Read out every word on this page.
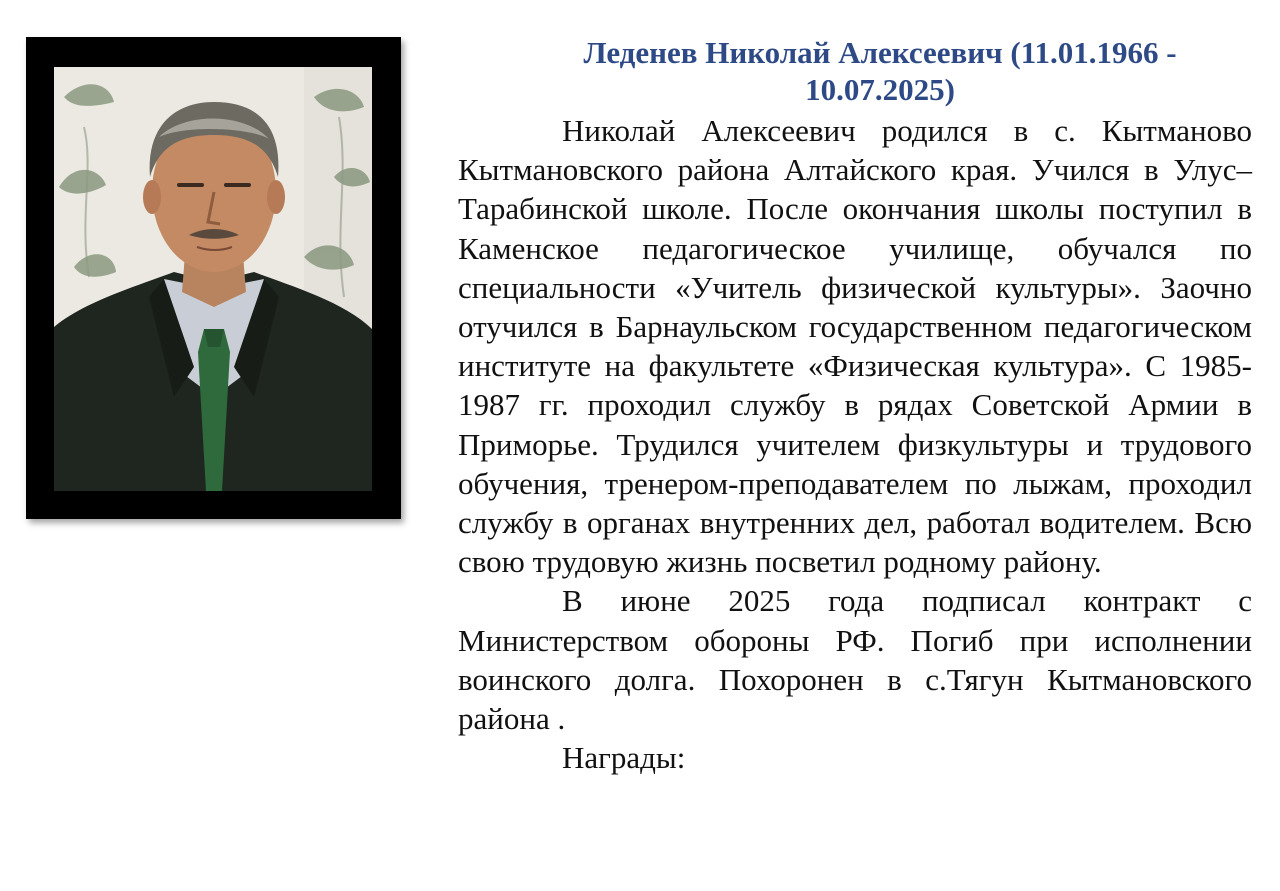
Леденев Николай Алексеевич (11.01.1966 - 10.07.2025)

Николай Алексеевич родился в с. Кытманово Кытмановского района Алтайского края. Учился в Улус–Тарабинской школе. После окончания школы поступил в Каменское педагогическое училище, обучался по специальности «Учитель физической культуры». Заочно отучился в Барнаульском государственном педагогическом институте на факультете «Физическая культура». С 1985-1987 гг. проходил службу в рядах Советской Армии в Приморье. Трудился учителем физкультуры и трудового обучения, тренером-преподавателем по лыжам, проходил службу в органах внутренних дел, работал водителем. Всю свою трудовую жизнь посветил родному району.

В июне 2025 года подписал контракт с Министерством обороны РФ. Погиб при исполнении воинского долга. Похоронен в с.Тягун Кытмановского района .

Награды:
